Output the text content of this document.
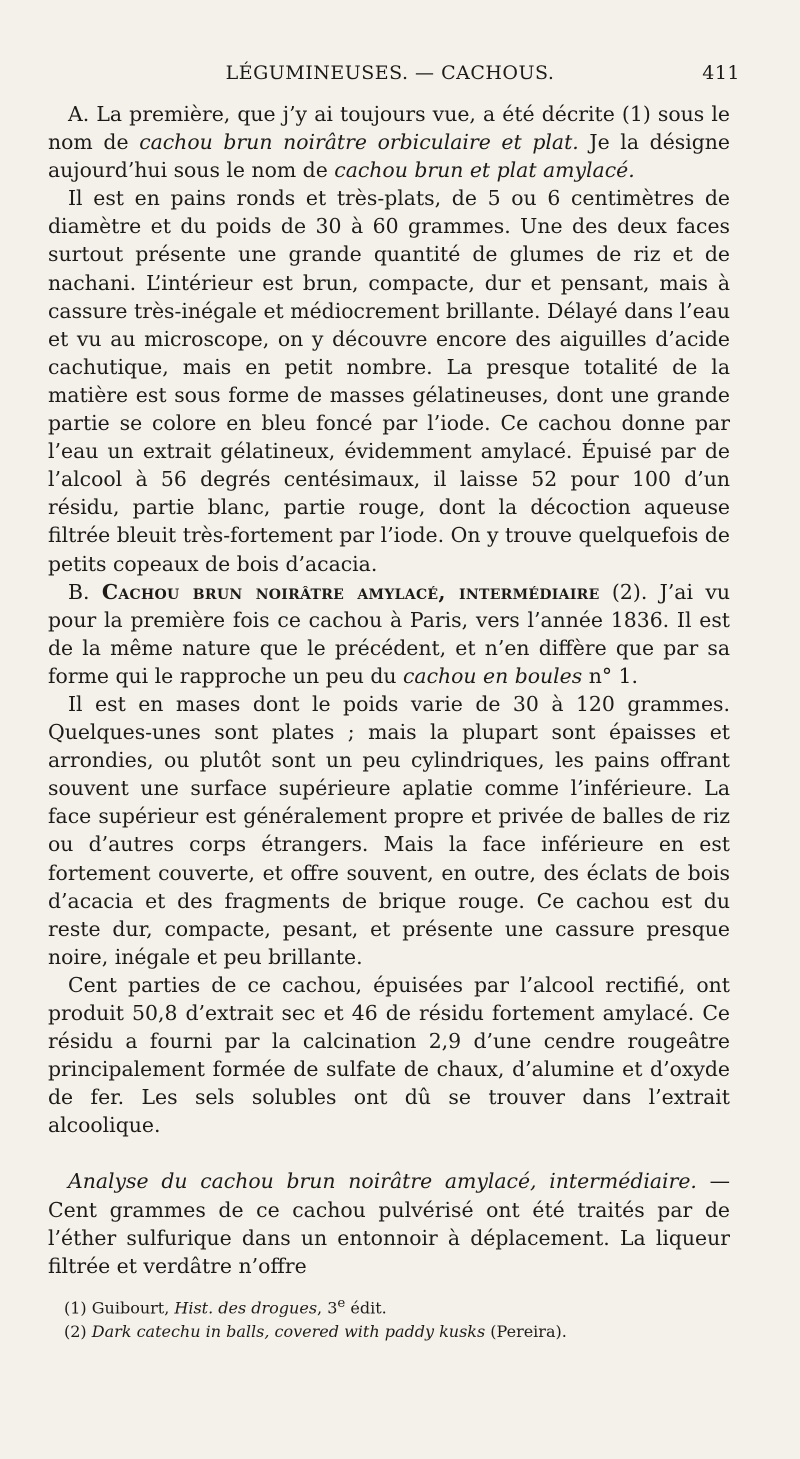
LÉGUMINEUSES. — CACHOUS.	411

A. La première, que j’y ai toujours vue, a été décrite (1) sous le nom de cachou brun noirâtre orbiculaire et plat. Je la désigne aujourd’hui sous le nom de cachou brun et plat amylacé.

Il est en pains ronds et très-plats, de 5 ou 6 centimètres de diamètre et du poids de 30 à 60 grammes. Une des deux faces surtout présente une grande quantité de glumes de riz et de nachani. L’intérieur est brun, compacte, dur et pensant, mais à cassure très-inégale et médiocrement brillante. Délayé dans l’eau et vu au microscope, on y découvre encore des aiguilles d’acide cachutique, mais en petit nombre. La presque totalité de la matière est sous forme de masses gélatineuses, dont une grande partie se colore en bleu foncé par l’iode. Ce cachou donne par l’eau un extrait gélatineux, évidemment amylacé. Épuisé par de l’alcool à 56 degrés centésimaux, il laisse 52 pour 100 d’un résidu, partie blanc, partie rouge, dont la décoction aqueuse filtrée bleuit très-fortement par l’iode. On y trouve quelquefois de petits copeaux de bois d’acacia.

B. Cachou brun noirâtre amylacé, intermédiaire (2). J’ai vu pour la première fois ce cachou à Paris, vers l’année 1836. Il est de la même nature que le précédent, et n’en diffère que par sa forme qui le rapproche un peu du cachou en boules n° 1.

Il est en mases dont le poids varie de 30 à 120 grammes. Quelques-unes sont plates ; mais la plupart sont épaisses et arrondies, ou plutôt sont un peu cylindriques, les pains offrant souvent une surface supérieure aplatie comme l’inférieure. La face supérieur est généralement propre et privée de balles de riz ou d’autres corps étrangers. Mais la face inférieure en est fortement couverte, et offre souvent, en outre, des éclats de bois d’acacia et des fragments de brique rouge. Ce cachou est du reste dur, compacte, pesant, et présente une cassure presque noire, inégale et peu brillante.

Cent parties de ce cachou, épuisées par l’alcool rectifié, ont produit 50,8 d’extrait sec et 46 de résidu fortement amylacé. Ce résidu a fourni par la calcination 2,9 d’une cendre rougeâtre principalement formée de sulfate de chaux, d’alumine et d’oxyde de fer. Les sels solubles ont dû se trouver dans l’extrait alcoolique.

Analyse du cachou brun noirâtre amylacé, intermédiaire. — Cent grammes de ce cachou pulvérisé ont été traités par de l’éther sulfurique dans un entonnoir à déplacement. La liqueur filtrée et verdâtre n’offre

(1) Guibourt, Hist. des drogues, 3e édit.

(2) Dark catechu in balls, covered with paddy kusks (Pereira).
